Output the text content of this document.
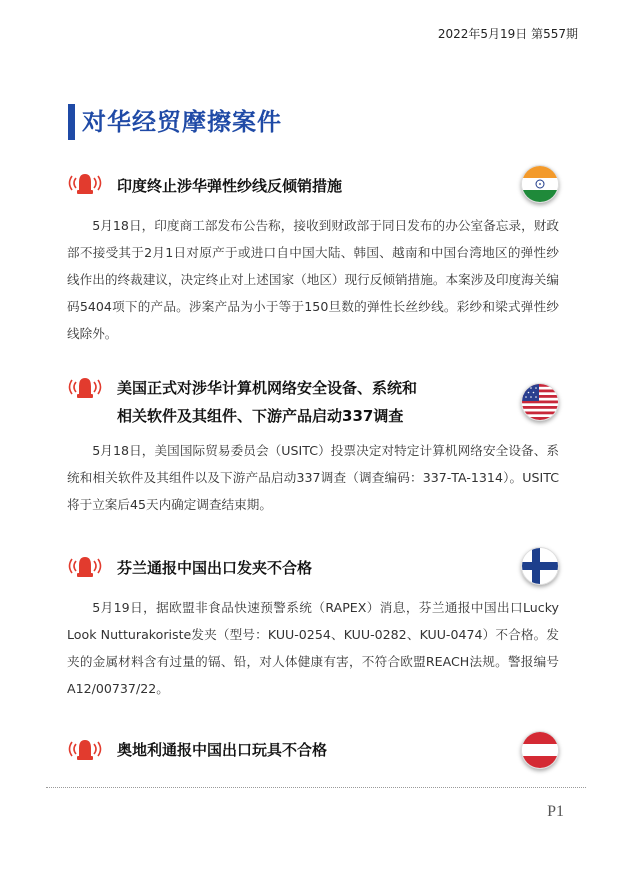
2022年5月19日 第557期
对华经贸摩擦案件
印度终止涉华弹性纱线反倾销措施

5月18日，印度商工部发布公告称，接收到财政部于同日发布的办公室备忘录，财政部不接受其于2月1日对原产于或进口自中国大陆、韩国、越南和中国台湾地区的弹性纱线作出的终裁建议，决定终止对上述国家（地区）现行反倾销措施。本案涉及印度海关编码5404项下的产品。涉案产品为小于等于150旦数的弹性长丝纱线。彩纱和梁式弹性纱线除外。

美国正式对涉华计算机网络安全设备、系统和
相关软件及其组件、下游产品启动337调查

5月18日，美国国际贸易委员会（USITC）投票决定对特定计算机网络安全设备、系统和相关软件及其组件以及下游产品启动337调查（调查编码：337-TA-1314）。USITC将于立案后45天内确定调查结束期。

芬兰通报中国出口发夹不合格

5月19日，据欧盟非食品快速预警系统（RAPEX）消息，芬兰通报中国出口Lucky Look Nutturakoriste发夹（型号：KUU-0254、KUU-0282、KUU-0474）不合格。发夹的金属材料含有过量的镉、铅，对人体健康有害，不符合欧盟REACH法规。警报编号A12/00737/22。

奥地利通报中国出口玩具不合格
P1
